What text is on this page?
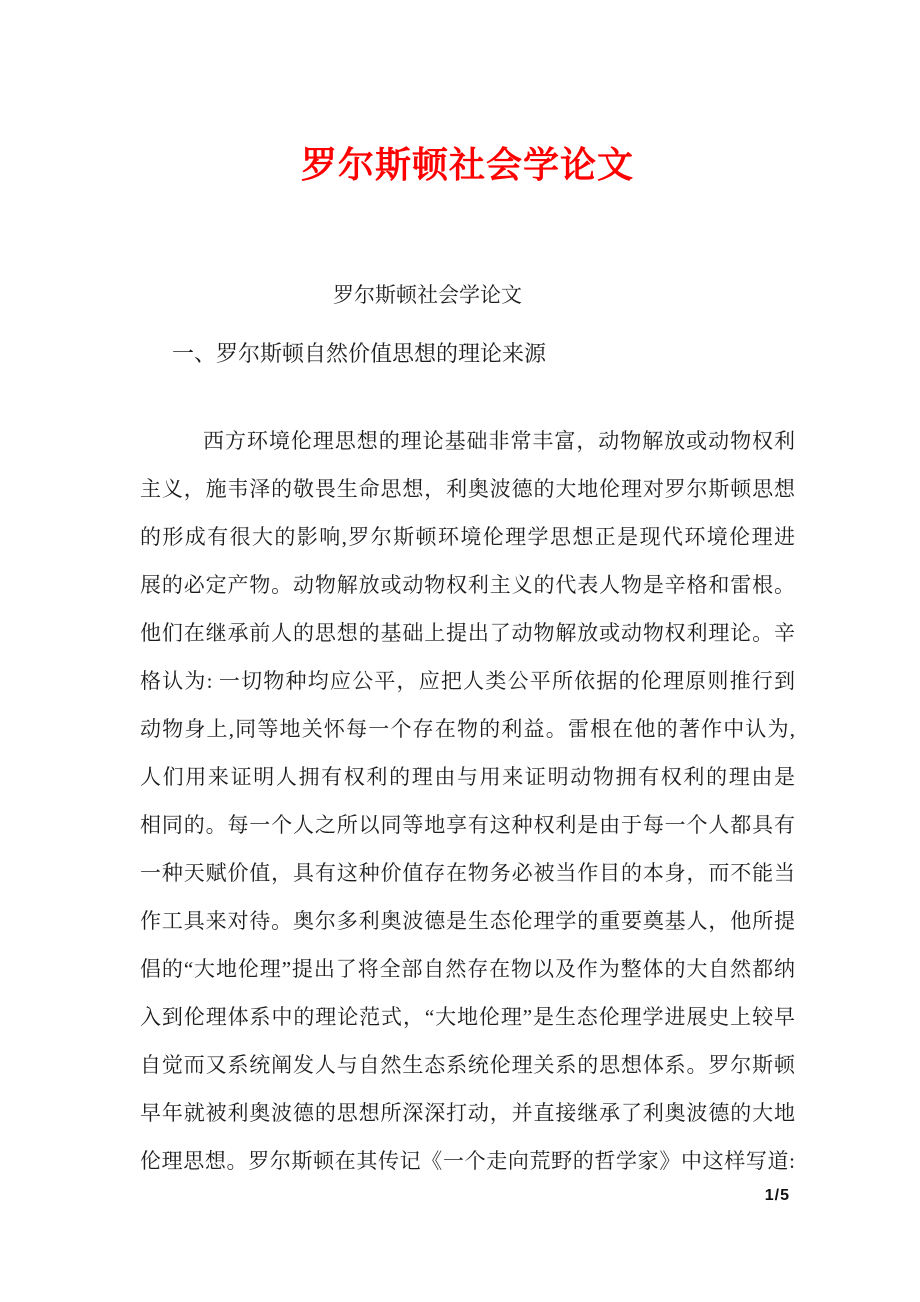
罗尔斯顿社会学论文
罗尔斯顿社会学论文
一、罗尔斯顿自然价值思想的理论来源
西方环境伦理思想的理论基础非常丰富，动物解放或动物权利
主义，施韦泽的敬畏生命思想，利奥波德的大地伦理对罗尔斯顿思想
的形成有很大的影响,罗尔斯顿环境伦理学思想正是现代环境伦理进
展的必定产物。动物解放或动物权利主义的代表人物是辛格和雷根。
他们在继承前人的思想的基础上提出了动物解放或动物权利理论。辛
格认为: 一切物种均应公平，应把人类公平所依据的伦理原则推行到
动物身上,同等地关怀每一个存在物的利益。雷根在他的著作中认为,
人们用来证明人拥有权利的理由与用来证明动物拥有权利的理由是
相同的。每一个人之所以同等地享有这种权利是由于每一个人都具有
一种天赋价值，具有这种价值存在物务必被当作目的本身，而不能当
作工具来对待。奥尔多利奥波德是生态伦理学的重要奠基人，他所提
倡的“大地伦理”提出了将全部自然存在物以及作为整体的大自然都纳
入到伦理体系中的理论范式，“大地伦理”是生态伦理学进展史上较早
自觉而又系统阐发人与自然生态系统伦理关系的思想体系。罗尔斯顿
早年就被利奥波德的思想所深深打动，并直接继承了利奥波德的大地
伦理思想。罗尔斯顿在其传记《一个走向荒野的哲学家》中这样写道:
1/5
